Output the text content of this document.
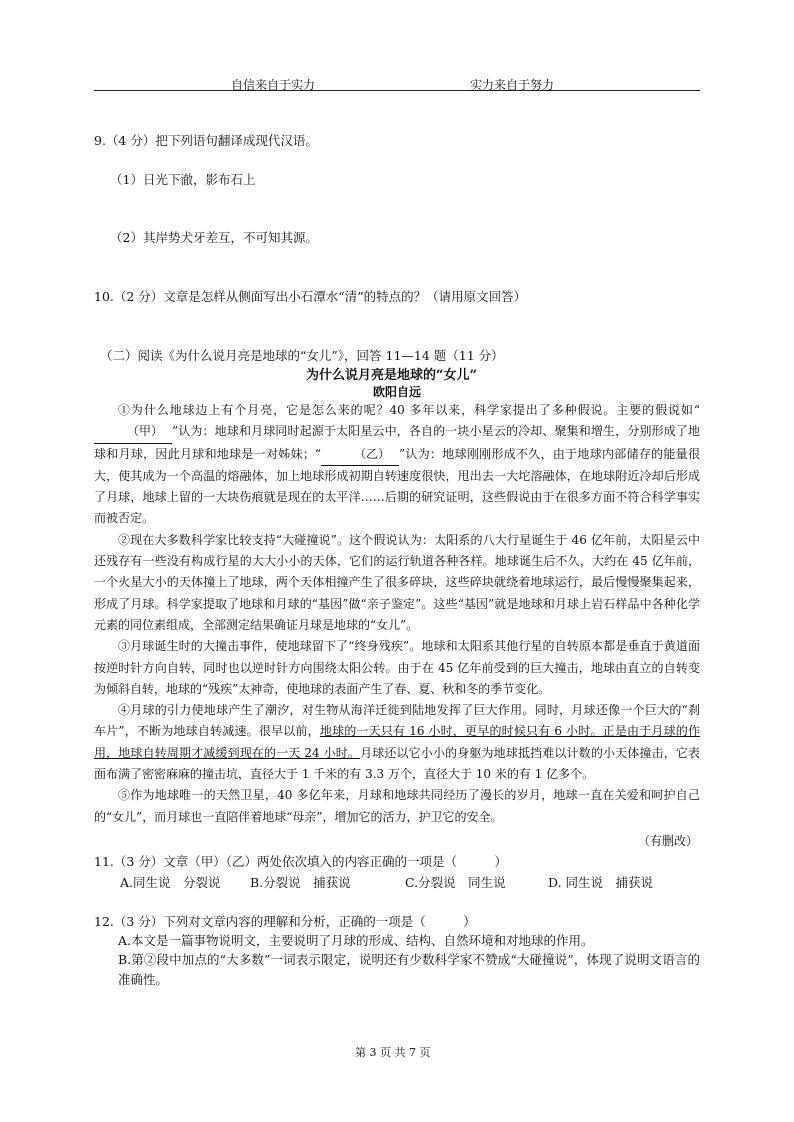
自信来自于实力	实力来自于努力
9.（4 分）把下列语句翻译成现代汉语。
（1）日光下澈，影布石上
（2）其岸势犬牙差互，不可知其源。
10.（2 分）文章是怎样从侧面写出小石潭水“清”的特点的？（请用原文回答）
（二）阅读《为什么说月亮是地球的“女儿”》，回答 11—14 题（11 分）
为什么说月亮是地球的“女儿”
欧阳自远

①为什么地球边上有个月亮，它是怎么来的呢？40 多年以来，科学家提出了多种假说。主要的假说如“（甲） ”认为：地球和月球同时起源于太阳星云中，各自的一块小星云的冷却、聚集和增生，分别形成了地球和月球，因此月球和地球是一对姊妹；“	（乙） ”认为：地球刚刚形成不久，由于地球内部储存的能量很大，使其成为一个高温的熔融体，加上地球形成初期自转速度很快，甩出去一大坨溶融体，在地球附近冷却后形成了月球，地球上留的一大块伤痕就是现在的太平洋……后期的研究证明，这些假说由于在很多方面不符合科学事实而被否定。

②现在大多数科学家比较支持“大碰撞说”。这个假说认为：太阳系的八大行星诞生于 46 亿年前，太阳星云中还残存有一些没有构成行星的大大小小的天体，它们的运行轨道各种各样。地球诞生后不久，大约在 45 亿年前，一个火星大小的天体撞上了地球，两个天体相撞产生了很多碎块，这些碎块就绕着地球运行，最后慢慢聚集起来，形成了月球。科学家提取了地球和月球的“基因”做“亲子鉴定”。这些“基因”就是地球和月球上岩石样品中各种化学元素的同位素组成，全部测定结果确证月球是地球的“女儿”。

③月球诞生时的大撞击事件，使地球留下了“终身残疾”。地球和太阳系其他行星的自转原本都是垂直于黄道面按逆时针方向自转，同时也以逆时针方向围绕太阳公转。由于在 45 亿年前受到的巨大撞击，地球由直立的自转变为倾斜自转，地球的“残疾”太神奇，使地球的表面产生了春、夏、秋和冬的季节变化。

④月球的引力使地球产生了潮汐，对生物从海洋迁徙到陆地发挥了巨大作用。同时，月球还像一个巨大的“刹车片”，不断为地球自转减速。很早以前，地球的一天只有 16 小时，更早的时候只有 6 小时。正是由于月球的作用，地球自转周期才减缓到现在的一天 24 小时。月球还以它小小的身躯为地球抵挡难以计数的小天体撞击，它表面布满了密密麻麻的撞击坑，直径大于 1 千米的有 3.3 万个，直径大于 10 米的有 1 亿多个。

⑤作为地球唯一的天然卫星，40 多亿年来，月球和地球共同经历了漫长的岁月，地球一直在关爱和呵护自己的“女儿”，而月球也一直陪伴着地球“母亲”，增加它的活力，护卫它的安全。

（有删改）
11.（3 分）文章（甲）（乙）两处依次填入的内容正确的一项是（　　　）
A.同生说　分裂说 B.分裂说　捕获说	C.分裂说　同生说	D. 同生说　捕获说
12.（3 分）下列对文章内容的理解和分析，正确的一项是（　　　）
A.本文是一篇事物说明文，主要说明了月球的形成、结构、自然环境和对地球的作用。
B.第②段中加点的“大多数”一词表示限定，说明还有少数科学家不赞成“大碰撞说”，体现了说明文语言的准确性。
第 3 页 共 7 页
